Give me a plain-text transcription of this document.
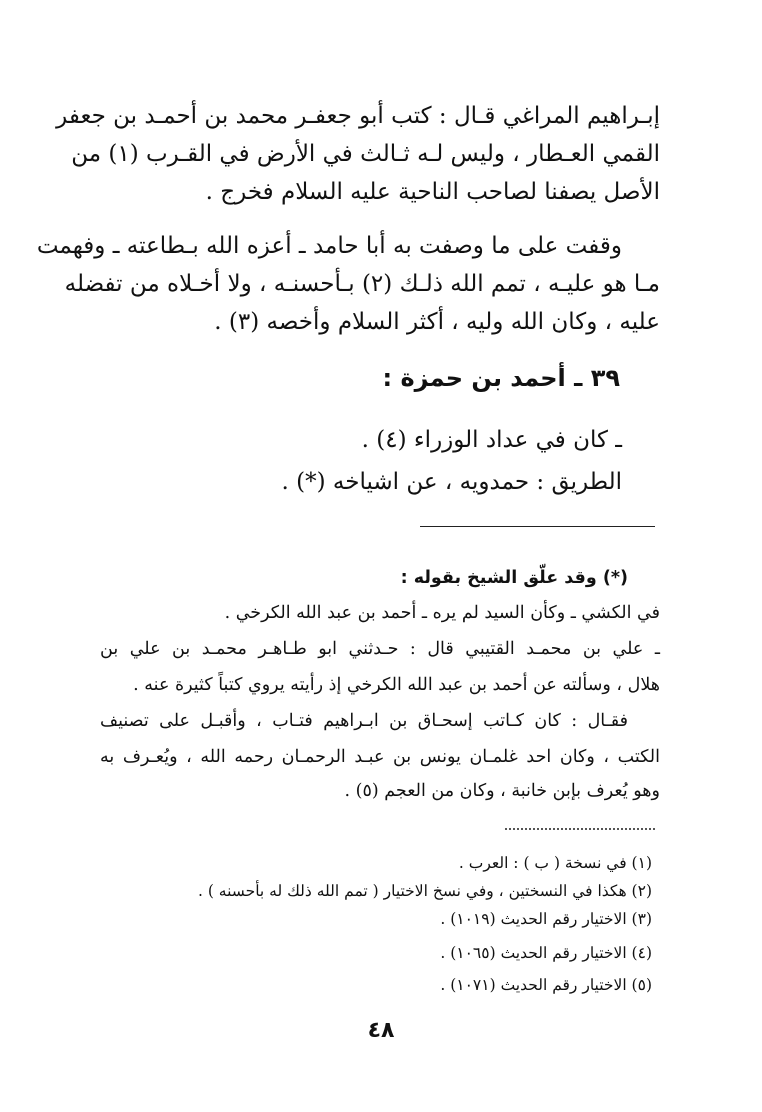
إبـراهيم المراغي قـال : كتب أبو جعفـر محمد بن أحمـد بن جعفر
القمي العـطار ، وليس لـه ثـالث في الأرض في القـرب (١) من
الأصل يصفنا لصاحب الناحية عليه السلام فخرج .
وقفت على ما وصفت به أبا حامد ـ أعزه الله بـطاعته ـ وفهمت
مـا هو عليـه ، تمم الله ذلـك (٢) بـأحسنـه ، ولا أخـلاه من تفضله
عليه ، وكان الله وليه ، أكثر السلام وأخصه (٣) .
٣٩ ـ أحمد بن حمزة :
ـ كان في عداد الوزراء (٤) .
الطريق : حمدويه ، عن اشياخه (*) .
(*) وقد علّق الشيخ بقوله :
في الكشي ـ وكأن السيد لم يره ـ أحمد بن عبد الله الكرخي .
ـ علي بن محمـد القتيبي قال : حـدثني ابو طـاهـر محمـد بن علي بن
هلال ، وسألته عن أحمد بن عبد الله الكرخي إذ رأيته يروي كتباً كثيرة عنه .
فقـال : كان كـاتب إسحـاق بن ابـراهيم فتـاب ، وأقبـل على تصنيف
الكتب ، وكان احد غلمـان يونس بن عبـد الرحمـان رحمه الله ، ويُعـرف به
وهو يُعرف بإبن خانبة ، وكان من العجم (٥) .
(١) في نسخة ( ب ) : العرب .
(٢) هكذا في النسختين ، وفي نسخ الاختيار ( تمم الله ذلك له بأحسنه ) .
(٣) الاختيار رقم الحديث (١٠١٩) .
(٤) الاختيار رقم الحديث (١٠٦٥) .
(٥) الاختيار رقم الحديث (١٠٧١) .
٤٨
